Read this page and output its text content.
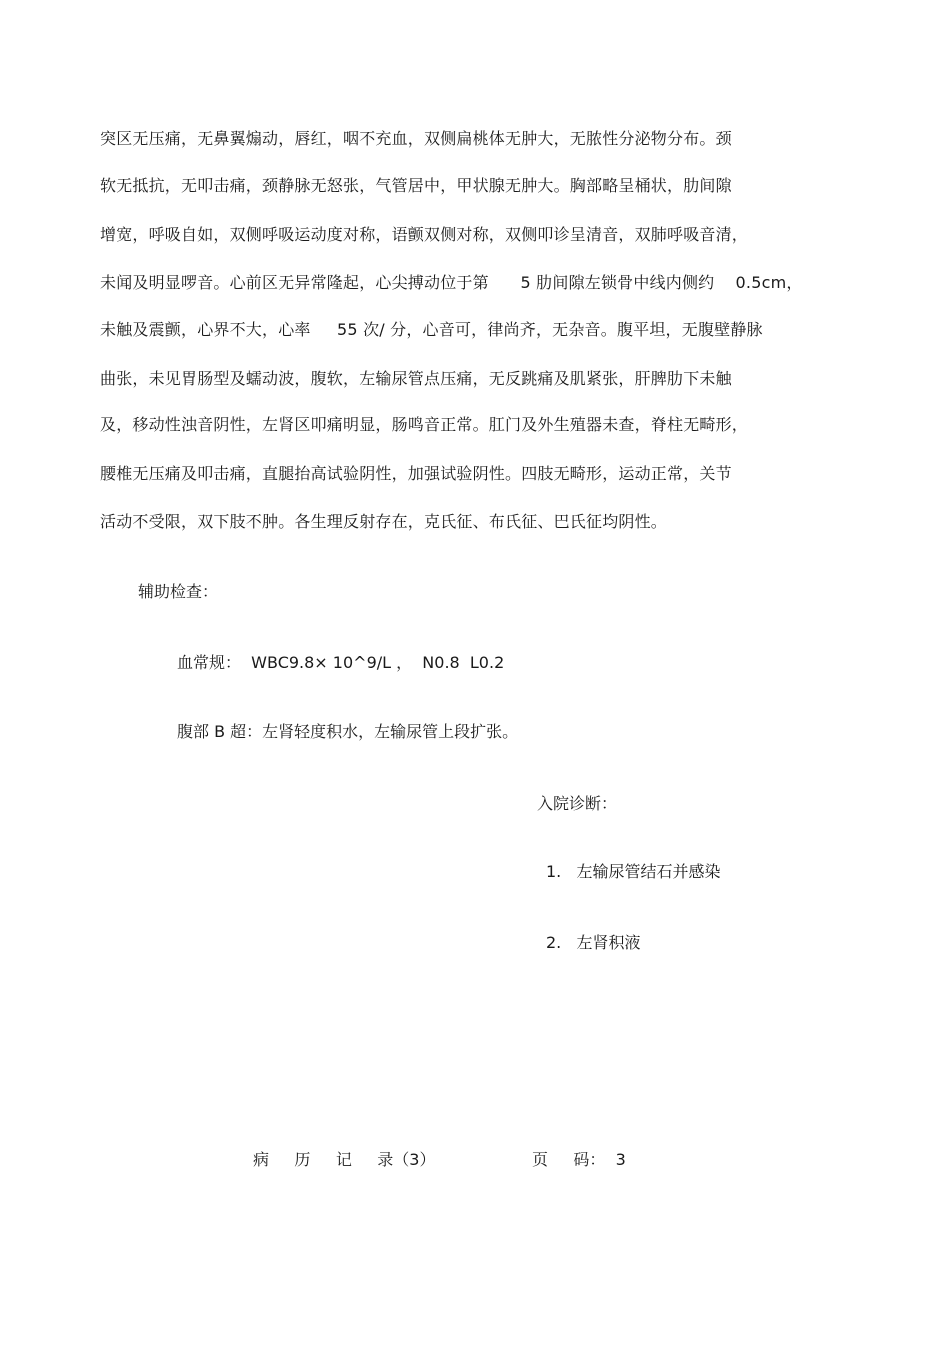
突区无压痛，无鼻翼煽动，唇红，咽不充血，双侧扁桃体无肿大，无脓性分泌物分布。颈
软无抵抗，无叩击痛，颈静脉无怒张，气管居中，甲状腺无肿大。胸部略呈桶状，肋间隙
增宽，呼吸自如，双侧呼吸运动度对称，语颤双侧对称，双侧叩诊呈清音，双肺呼吸音清，
未闻及明显啰音。心前区无异常隆起，心尖搏动位于第      5 肋间隙左锁骨中线内侧约    0.5cm，
未触及震颤，心界不大，心率     55 次/ 分，心音可，律尚齐，无杂音。腹平坦，无腹壁静脉
曲张，未见胃肠型及蠕动波，腹软，左输尿管点压痛，无反跳痛及肌紧张，肝脾肋下未触
及，移动性浊音阴性，左肾区叩痛明显，肠鸣音正常。肛门及外生殖器未查，脊柱无畸形，
腰椎无压痛及叩击痛，直腿抬高试验阴性，加强试验阴性。四肢无畸形，运动正常，关节
活动不受限，双下肢不肿。各生理反射存在，克氏征、布氏征、巴氏征均阴性。
辅助检查：
血常规：  WBC9.8× 10^9/L ，  N0.8  L0.2
腹部 B 超：左肾轻度积水，左输尿管上段扩张。
入院诊断：
1.   左输尿管结石并感染
2.   左肾积液
病     历     记     录（3）	页     码：  3
